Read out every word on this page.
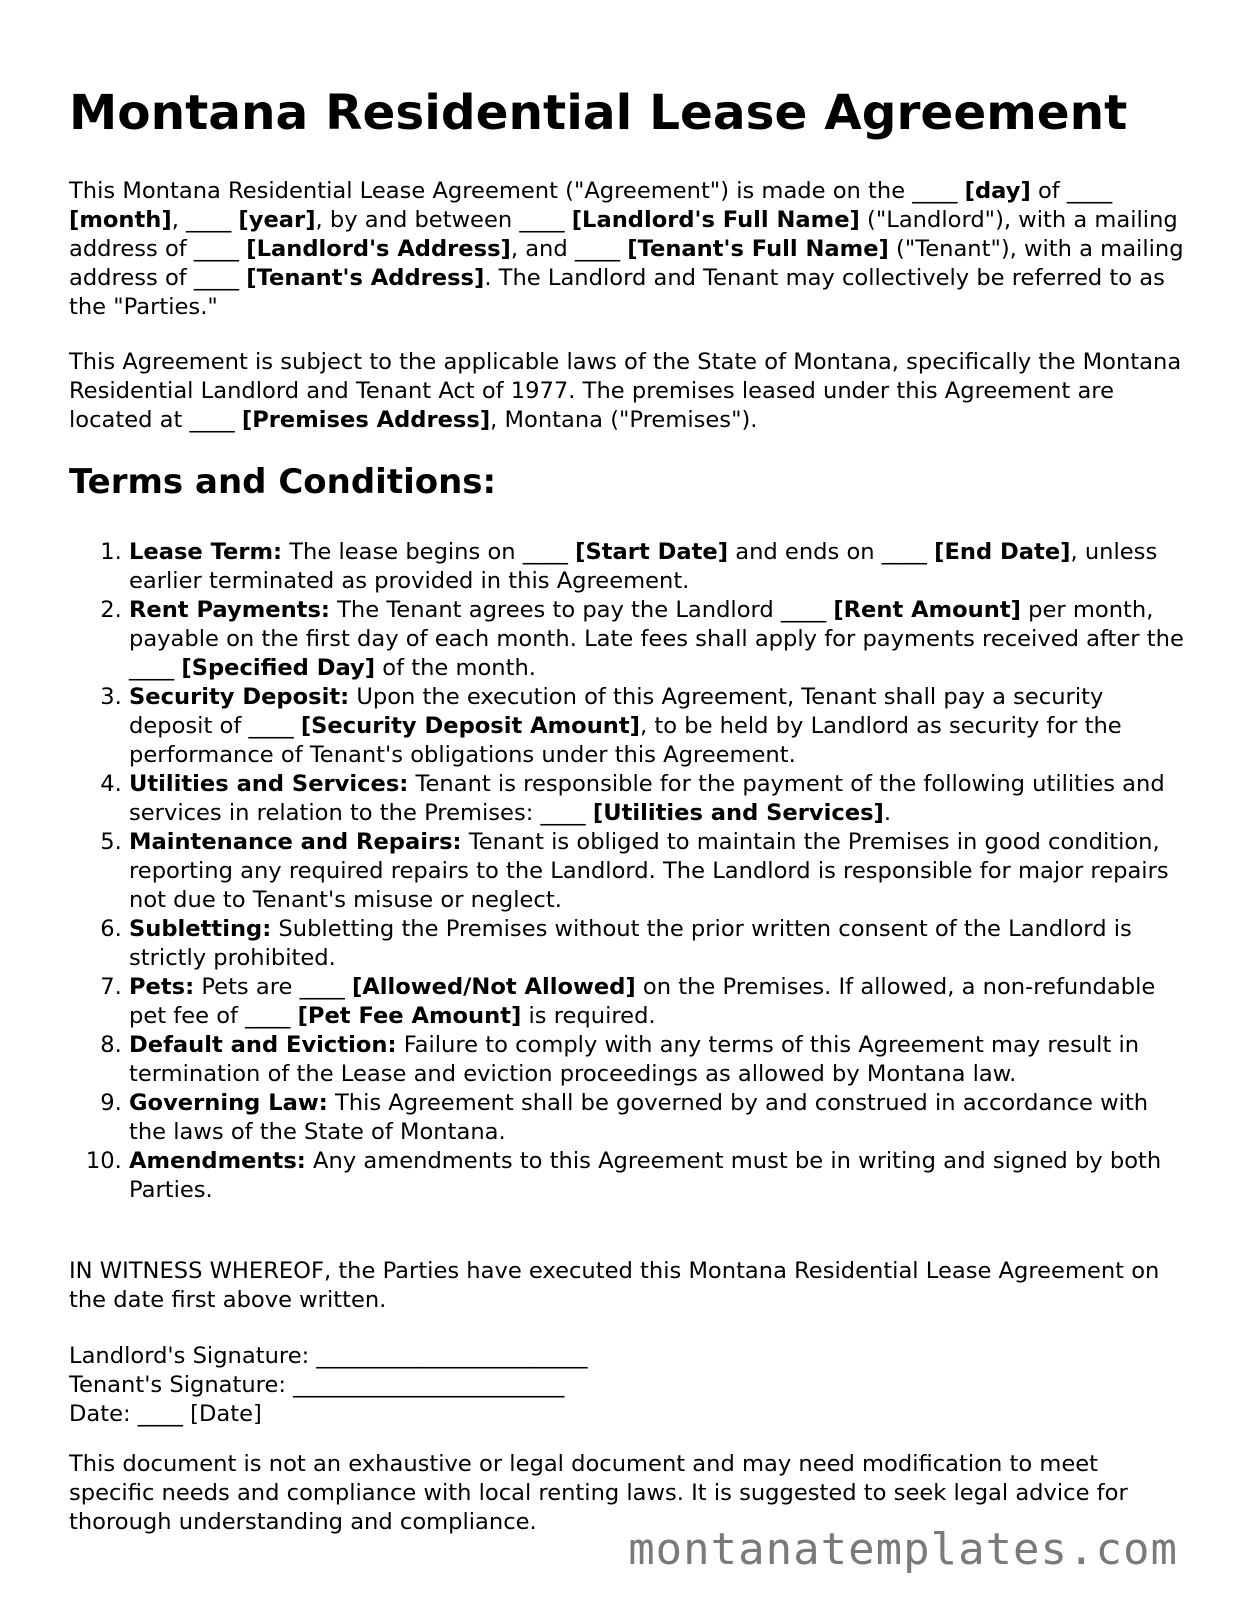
Montana Residential Lease Agreement

This Montana Residential Lease Agreement ("Agreement") is made on the ____ [day] of ____ [month], ____ [year], by and between ____ [Landlord's Full Name] ("Landlord"), with a mailing address of ____ [Landlord's Address], and ____ [Tenant's Full Name] ("Tenant"), with a mailing address of ____ [Tenant's Address]. The Landlord and Tenant may collectively be referred to as the "Parties."

This Agreement is subject to the applicable laws of the State of Montana, specifically the Montana Residential Landlord and Tenant Act of 1977. The premises leased under this Agreement are located at ____ [Premises Address], Montana ("Premises").

Terms and Conditions:
1. Lease Term: The lease begins on ____ [Start Date] and ends on ____ [End Date], unless earlier terminated as provided in this Agreement.
2. Rent Payments: The Tenant agrees to pay the Landlord ____ [Rent Amount] per month, payable on the first day of each month. Late fees shall apply for payments received after the ____ [Specified Day] of the month.
3. Security Deposit: Upon the execution of this Agreement, Tenant shall pay a security deposit of ____ [Security Deposit Amount], to be held by Landlord as security for the performance of Tenant's obligations under this Agreement.
4. Utilities and Services: Tenant is responsible for the payment of the following utilities and services in relation to the Premises: ____ [Utilities and Services].
5. Maintenance and Repairs: Tenant is obliged to maintain the Premises in good condition, reporting any required repairs to the Landlord. The Landlord is responsible for major repairs not due to Tenant's misuse or neglect.
6. Subletting: Subletting the Premises without the prior written consent of the Landlord is strictly prohibited.
7. Pets: Pets are ____ [Allowed/Not Allowed] on the Premises. If allowed, a non-refundable pet fee of ____ [Pet Fee Amount] is required.
8. Default and Eviction: Failure to comply with any terms of this Agreement may result in termination of the Lease and eviction proceedings as allowed by Montana law.
9. Governing Law: This Agreement shall be governed by and construed in accordance with the laws of the State of Montana.
10. Amendments: Any amendments to this Agreement must be in writing and signed by both Parties.

IN WITNESS WHEREOF, the Parties have executed this Montana Residential Lease Agreement on the date first above written.

Landlord's Signature: ________________________
Tenant's Signature: ________________________
Date: ____ [Date]

This document is not an exhaustive or legal document and may need modification to meet specific needs and compliance with local renting laws. It is suggested to seek legal advice for thorough understanding and compliance.

montanatemplates.com
